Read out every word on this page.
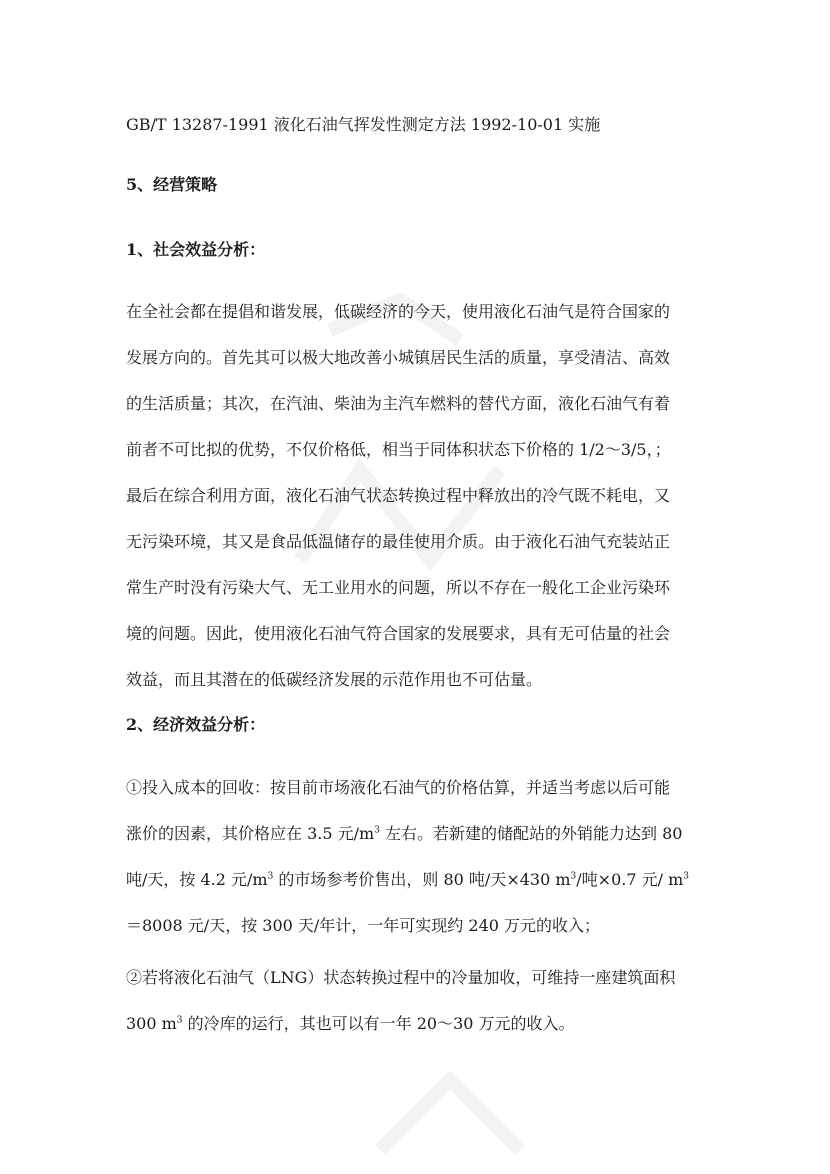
GB/T 13287-1991 液化石油气挥发性测定方法 1992-10-01 实施
5、经营策略
1、社会效益分析：
在全社会都在提倡和谐发展，低碳经济的今天，使用液化石油气是符合国家的
发展方向的。首先其可以极大地改善小城镇居民生活的质量，享受清洁、高效
的生活质量；其次，在汽油、柴油为主汽车燃料的替代方面，液化石油气有着
前者不可比拟的优势，不仅价格低，相当于同体积状态下价格的 1/2～3/5，；
最后在综合利用方面，液化石油气状态转换过程中释放出的冷气既不耗电，又
无污染环境，其又是食品低温储存的最佳使用介质。由于液化石油气充装站正
常生产时没有污染大气、无工业用水的问题，所以不存在一般化工企业污染环
境的问题。因此，使用液化石油气符合国家的发展要求，具有无可估量的社会
效益，而且其潜在的低碳经济发展的示范作用也不可估量。
2、经济效益分析：
①投入成本的回收：按目前市场液化石油气的价格估算，并适当考虑以后可能
涨价的因素，其价格应在 3.5 元$/m^3$ 左右。若新建的储配站的外销能力达到 80
吨/天，按 4.2 元$/m^3$ 的市场参考价售出，则 80 吨/天×430 $m^3/$吨×0.7 元/ $m^3$
＝8008 元/天，按 300 天/年计，一年可实现约 240 万元的收入；
②若将液化石油气（LNG）状态转换过程中的冷量加收，可维持一座建筑面积
300 $m^3$ 的冷库的运行，其也可以有一年 20～30 万元的收入。
